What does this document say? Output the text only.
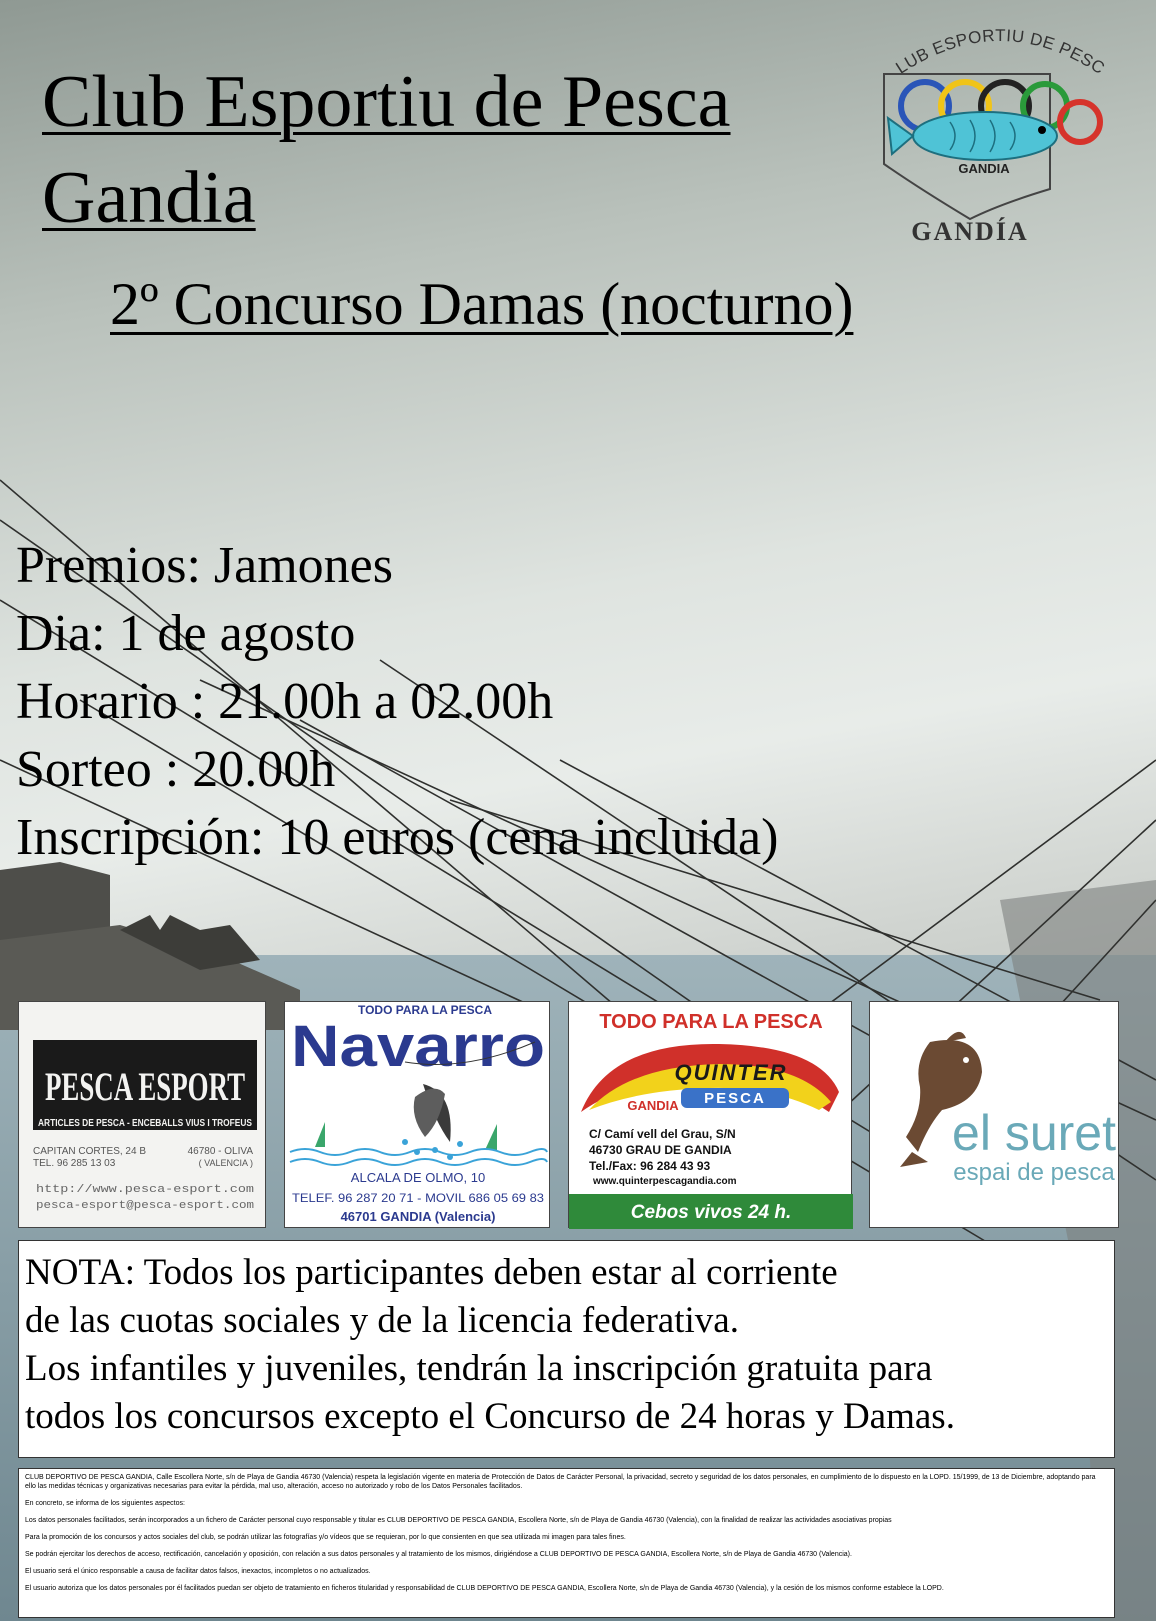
Club Esportiu de Pesca
Gandia
LUB ESPORTIU DE PESC
GANDIA
GANDÍA
2º Concurso Damas (nocturno)
Premios: Jamones
Dia: 1 de agosto
Horario : 21.00h a 02.00h
Sorteo : 20.00h
Inscripción: 10 euros (cena incluida)
PESCA ESPORT
ARTICLES DE PESCA - ENCEBALLS VIUS I TROFEUS
CAPITAN CORTES, 24 B	46780 - OLIVA
( VALENCIA )
TEL. 96 285 13 03
http://www.pesca-esport.com
pesca-esport@pesca-esport.com
TODO PARA LA PESCA
Navarro
ALCALA DE OLMO, 10
TELEF. 96 287 20 71 - MOVIL 686 05 69 83
46701 GANDIA (Valencia)
TODO PARA LA PESCA
QUINTER
PESCA
GANDIA
C/ Camí vell del Grau, S/N
46730 GRAU DE GANDIA
Tel./Fax: 96 284 43 93
www.quinterpescagandia.com
Cebos vivos 24 h.
el suret
espai de pesca
NOTA: Todos los participantes deben estar al corriente
de las cuotas sociales y de la licencia federativa.
Los infantiles y juveniles, tendrán la inscripción gratuita para
todos los concursos excepto el Concurso de 24 horas y Damas.

CLUB DEPORTIVO DE PESCA GANDIA, Calle Escollera Norte, s/n de Playa de Gandia 46730 (Valencia) respeta la legislación vigente en materia de Protección de Datos de Carácter Personal, la privacidad, secreto y seguridad de los datos personales, en cumplimiento de lo dispuesto en la LOPD. 15/1999, de 13 de Diciembre, adoptando para ello las medidas técnicas y organizativas necesarias para evitar la pérdida, mal uso, alteración, acceso no autorizado y robo de los Datos Personales facilitados.

En concreto, se informa de los siguientes aspectos:

Los datos personales facilitados, serán incorporados a un fichero de Carácter personal cuyo responsable y titular es CLUB DEPORTIVO DE PESCA GANDIA, Escollera Norte, s/n de Playa de Gandia 46730 (Valencia), con la finalidad de realizar las actividades asociativas propias

Para la promoción de los concursos y actos sociales del club, se podrán utilizar las fotografías y/o vídeos que se requieran, por lo que consienten en que sea utilizada mi imagen para tales fines.

Se podrán ejercitar los derechos de acceso, rectificación, cancelación y oposición, con relación a sus datos personales y al tratamiento de los mismos, dirigiéndose a CLUB DEPORTIVO DE PESCA GANDIA, Escollera Norte, s/n de Playa de Gandia 46730 (Valencia).

El usuario será el único responsable a causa de facilitar datos falsos, inexactos, incompletos o no actualizados.

El usuario autoriza que los datos personales por él facilitados puedan ser objeto de tratamiento en ficheros titularidad y responsabilidad de CLUB DEPORTIVO DE PESCA GANDIA, Escollera Norte, s/n de Playa de Gandia 46730 (Valencia), y la cesión de los mismos conforme establece la LOPD.
